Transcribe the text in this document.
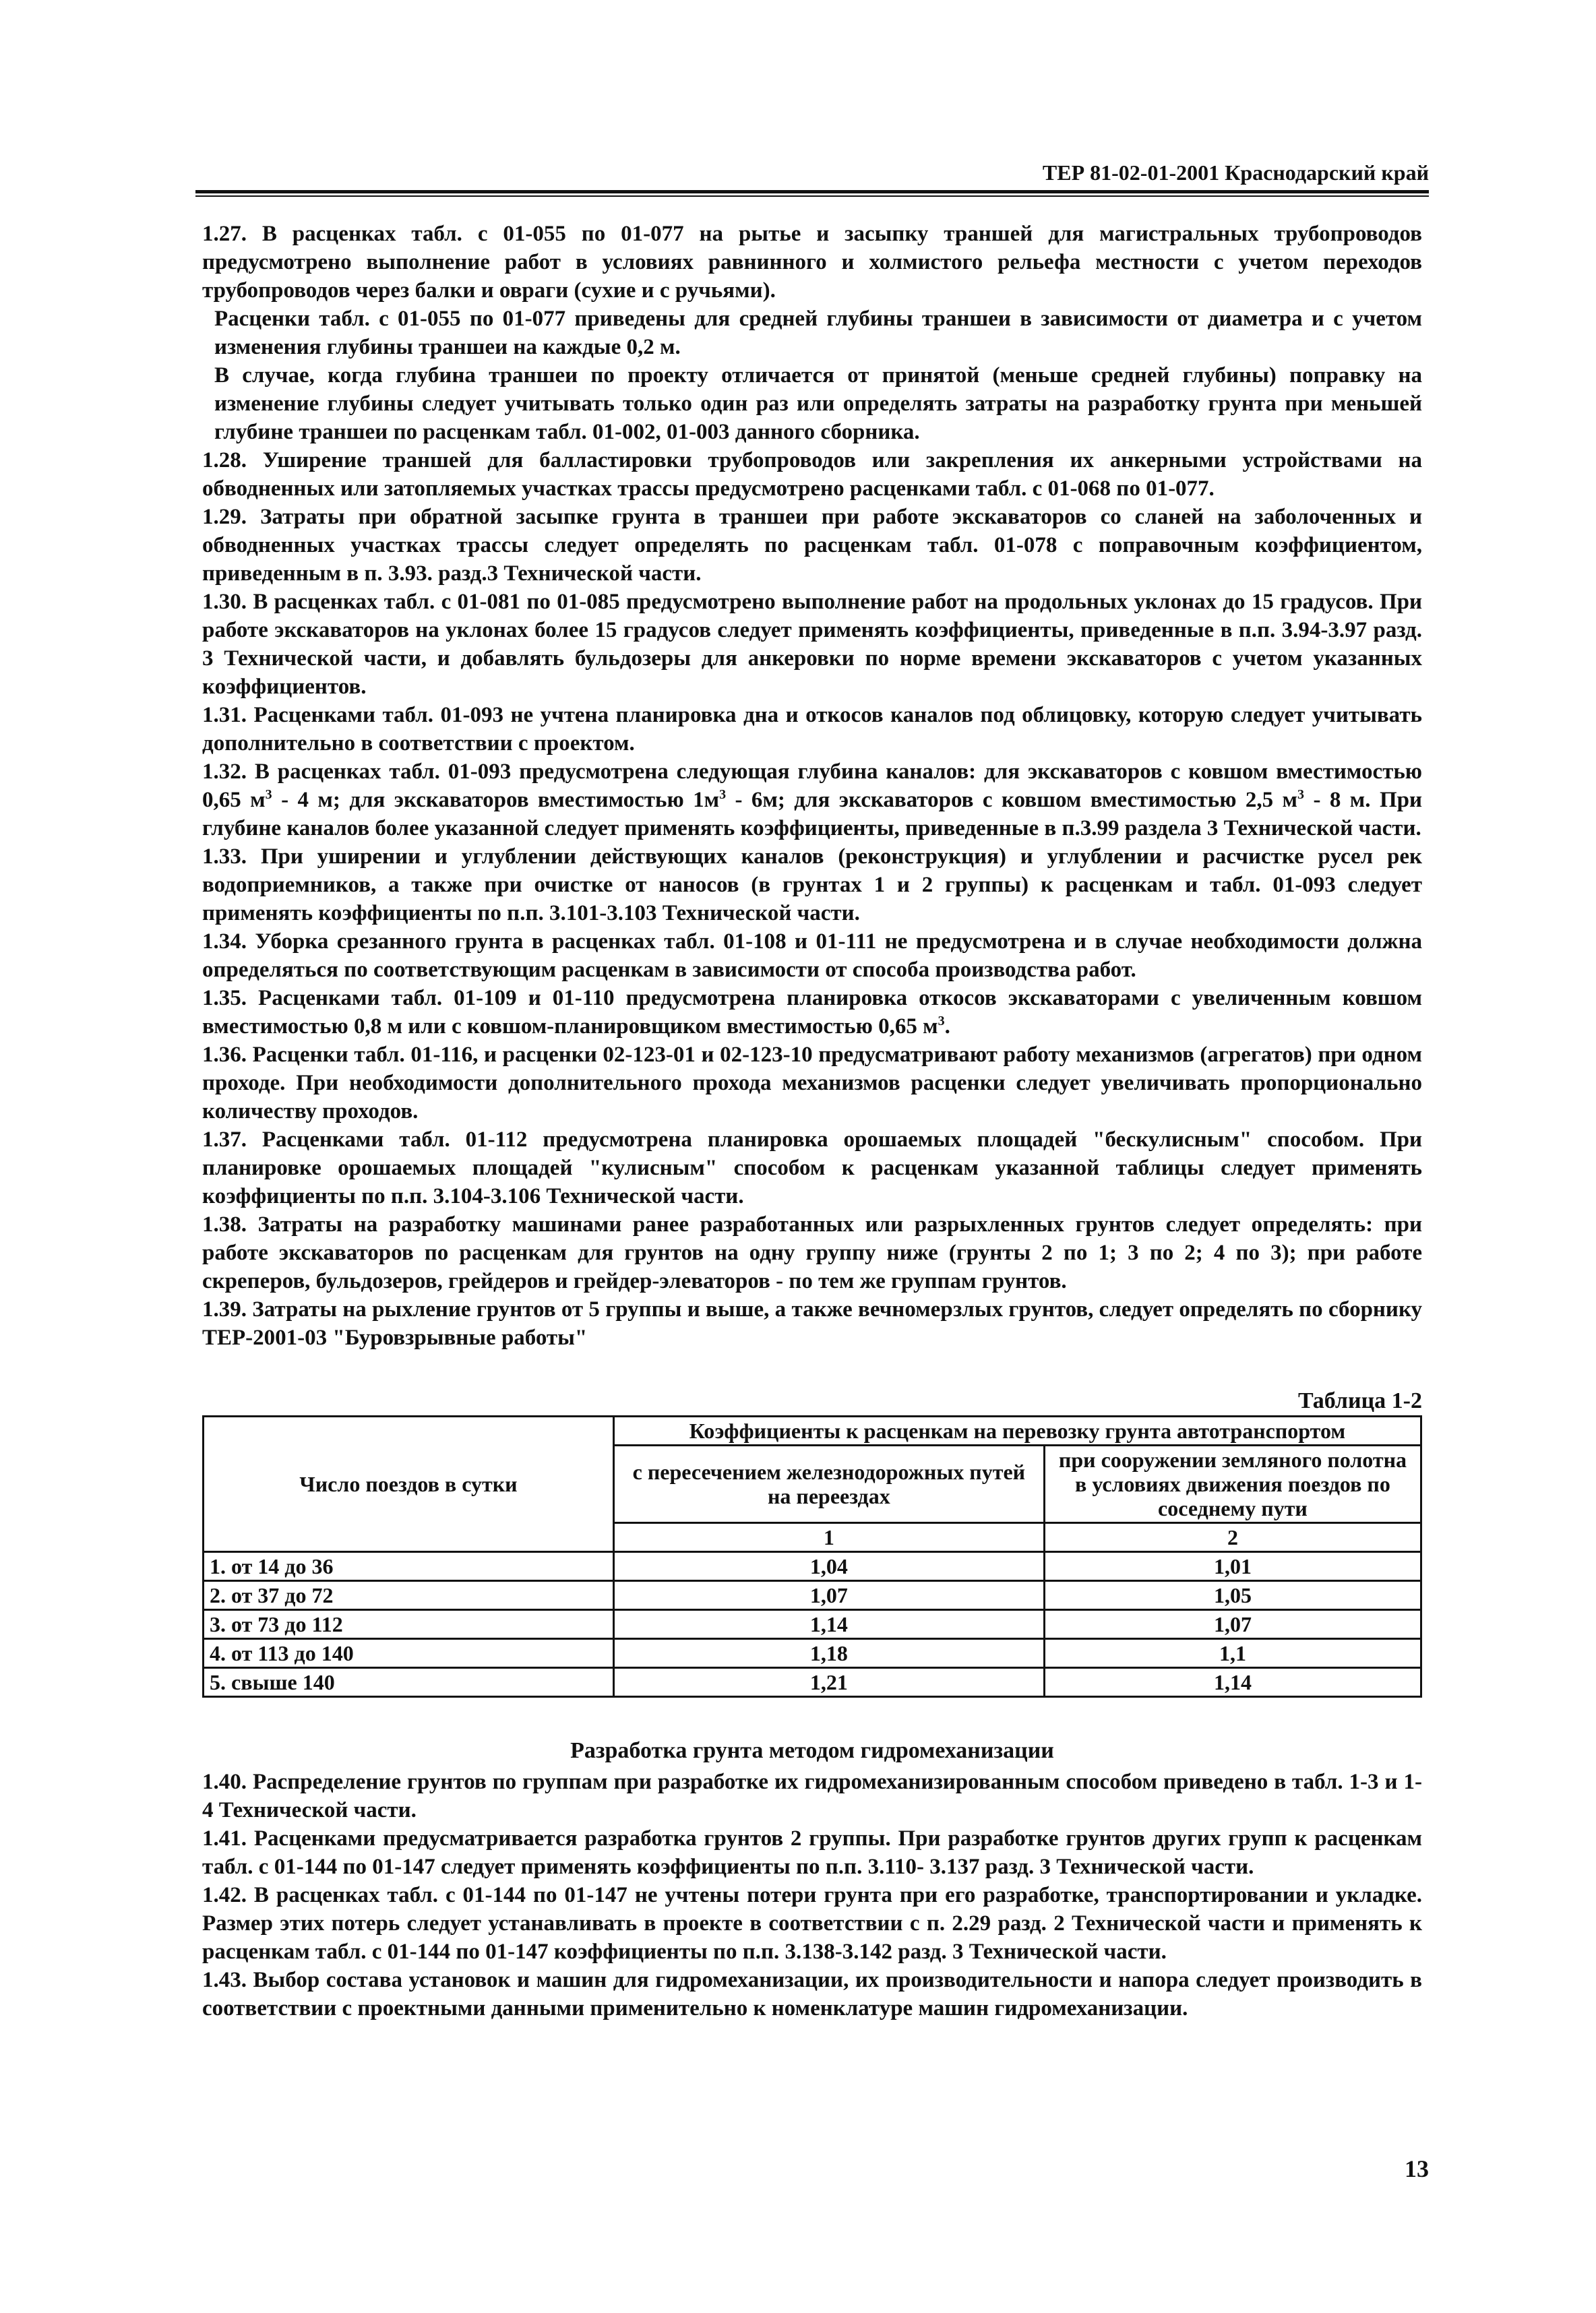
ТЕР 81-02-01-2001 Краснодарский край

1.27. В расценках табл. с 01-055 по 01-077 на рытье и засыпку траншей для магистральных трубопроводов предусмотрено выполнение работ в условиях равнинного и холмистого рельефа местности с учетом переходов трубопроводов через балки и овраги (сухие и с ручьями).

Расценки табл. с 01-055 по 01-077 приведены для средней глубины траншеи в зависимости от диаметра и с учетом изменения глубины траншеи на каждые 0,2 м.

В случае, когда глубина траншеи по проекту отличается от принятой (меньше средней глубины) поправку на изменение глубины следует учитывать только один раз или определять затраты на разработку грунта при меньшей глубине траншеи по расценкам табл. 01-002, 01-003 данного сборника.

1.28. Уширение траншей для балластировки трубопроводов или закрепления их анкерными устройствами на обводненных или затопляемых участках трассы предусмотрено расценками табл. с 01-068 по 01-077.

1.29. Затраты при обратной засыпке грунта в траншеи при работе экскаваторов со сланей на заболоченных и обводненных участках трассы следует определять по расценкам табл. 01-078 с поправочным коэффициентом, приведенным в п. 3.93. разд.3 Технической части.

1.30. В расценках табл. с 01-081 по 01-085 предусмотрено выполнение работ на продольных уклонах до 15 градусов. При работе экскаваторов на уклонах более 15 градусов следует применять коэффициенты, приведенные в п.п. 3.94-3.97 разд. 3 Технической части, и добавлять бульдозеры для анкеровки по норме времени экскаваторов с учетом указанных коэффициентов.

1.31. Расценками табл. 01-093 не учтена планировка дна и откосов каналов под облицовку, которую следует учитывать дополнительно в соответствии с проектом.

1.32. В расценках табл. 01-093 предусмотрена следующая глубина каналов: для экскаваторов с ковшом вместимостью 0,65 $м^3 - 4$ м; для экскаваторов вместимостью $1м^3 - 6м$; для экскаваторов с ковшом вместимостью 2,5 $м^3 - 8$ м. При глубине каналов более указанной следует применять коэффициенты, приведенные в п.3.99 раздела 3 Технической части.

1.33. При уширении и углублении действующих каналов (реконструкция) и углублении и расчистке русел рек водоприемников, а также при очистке от наносов (в грунтах 1 и 2 группы) к расценкам и табл. 01-093 следует применять коэффициенты по п.п. 3.101-3.103 Технической части.

1.34. Уборка срезанного грунта в расценках табл. 01-108 и 01-111 не предусмотрена и в случае необходимости должна определяться по соответствующим расценкам в зависимости от способа производства работ.

1.35. Расценками табл. 01-109 и 01-110 предусмотрена планировка откосов экскаваторами с увеличенным ковшом вместимостью 0,8 м или с ковшом-планировщиком вместимостью 0,65 $м^3$.

1.36. Расценки табл. 01-116, и расценки 02-123-01 и 02-123-10 предусматривают работу механизмов (агрегатов) при одном проходе. При необходимости дополнительного прохода механизмов расценки следует увеличивать пропорционально количеству проходов.

1.37. Расценками табл. 01-112 предусмотрена планировка орошаемых площадей "бескулисным" способом. При планировке орошаемых площадей "кулисным" способом к расценкам указанной таблицы следует применять коэффициенты по п.п. 3.104-3.106 Технической части.

1.38. Затраты на разработку машинами ранее разработанных или разрыхленных грунтов следует определять: при работе экскаваторов по расценкам для грунтов на одну группу ниже (грунты 2 по 1; 3 по 2; 4 по 3); при работе скреперов, бульдозеров, грейдеров и грейдер-элеваторов - по тем же группам грунтов.

1.39. Затраты на рыхление грунтов от 5 группы и выше, а также вечномерзлых грунтов, следует определять по сборнику ТЕР-2001-03 "Буровзрывные работы"

Таблица 1-2
Число поездов в сутки	Коэффициенты к расценкам на перевозку грунта автотранспортом	
	с пересечением железнодорожных путей на переездах	при сооружении земляного полотна в условиях движения поездов по соседнему пути
	1	2
1. от 14 до 36	1,04	1,01
2. от 37 до 72	1,07	1,05
3. от 73 до 112	1,14	1,07
4. от 113 до 140	1,18	1,1
5. свыше 140	1,21	1,14
Разработка грунта методом гидромеханизации

1.40. Распределение грунтов по группам при разработке их гидромеханизированным способом приведено в табл. 1-3 и 1-4 Технической части.

1.41. Расценками предусматривается разработка грунтов 2 группы. При разработке грунтов других групп к расценкам табл. с 01-144 по 01-147 следует применять коэффициенты по п.п. 3.110- 3.137 разд. 3 Технической части.

1.42. В расценках табл. с 01-144 по 01-147 не учтены потери грунта при его разработке, транспортировании и укладке. Размер этих потерь следует устанавливать в проекте в соответствии с п. 2.29 разд. 2 Технической части и применять к расценкам табл. с 01-144 по 01-147 коэффициенты по п.п. 3.138-3.142 разд. 3 Технической части.

1.43. Выбор состава установок и машин для гидромеханизации, их производительности и напора следует производить в соответствии с проектными данными применительно к номенклатуре машин гидромеханизации.

13
